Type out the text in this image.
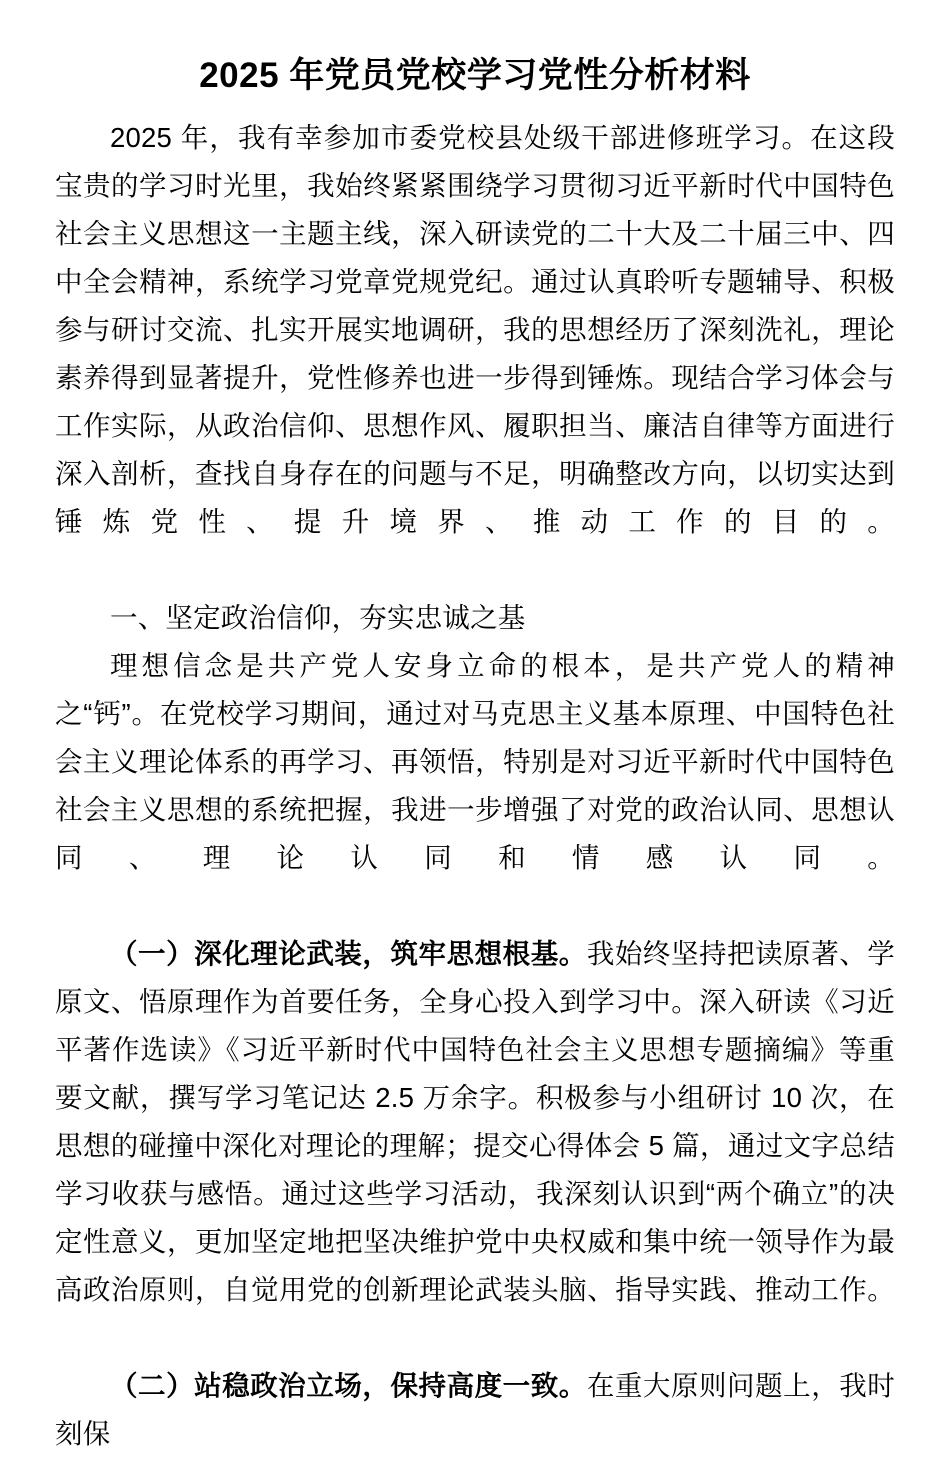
2025 年党员党校学习党性分析材料

2025 年，我有幸参加市委党校县处级干部进修班学习。在这段宝贵的学习时光里，我始终紧紧围绕学习贯彻习近平新时代中国特色社会主义思想这一主题主线，深入研读党的二十大及二十届三中、四中全会精神，系统学习党章党规党纪。通过认真聆听专题辅导、积极参与研讨交流、扎实开展实地调研，我的思想经历了深刻洗礼，理论素养得到显著提升，党性修养也进一步得到锤炼。现结合学习体会与工作实际，从政治信仰、思想作风、履职担当、廉洁自律等方面进行深入剖析，查找自身存在的问题与不足，明确整改方向，以切实达到锤炼党性、提升境界、推动工作的目的。

一、坚定政治信仰，夯实忠诚之基

理想信念是共产党人安身立命的根本，是共产党人的精神之“钙”。在党校学习期间，通过对马克思主义基本原理、中国特色社会主义理论体系的再学习、再领悟，特别是对习近平新时代中国特色社会主义思想的系统把握，我进一步增强了对党的政治认同、思想认同、理论认同和情感认同。

（一）深化理论武装，筑牢思想根基。我始终坚持把读原著、学原文、悟原理作为首要任务，全身心投入到学习中。深入研读《习近平著作选读》《习近平新时代中国特色社会主义思想专题摘编》等重要文献，撰写学习笔记达 2.5 万余字。积极参与小组研讨 10 次，在思想的碰撞中深化对理论的理解；提交心得体会 5 篇，通过文字总结学习收获与感悟。通过这些学习活动，我深刻认识到“两个确立”的决定性意义，更加坚定地把坚决维护党中央权威和集中统一领导作为最高政治原则，自觉用党的创新理论武装头脑、指导实践、推动工作。

（二）站稳政治立场，保持高度一致。在重大原则问题上，我时刻保
